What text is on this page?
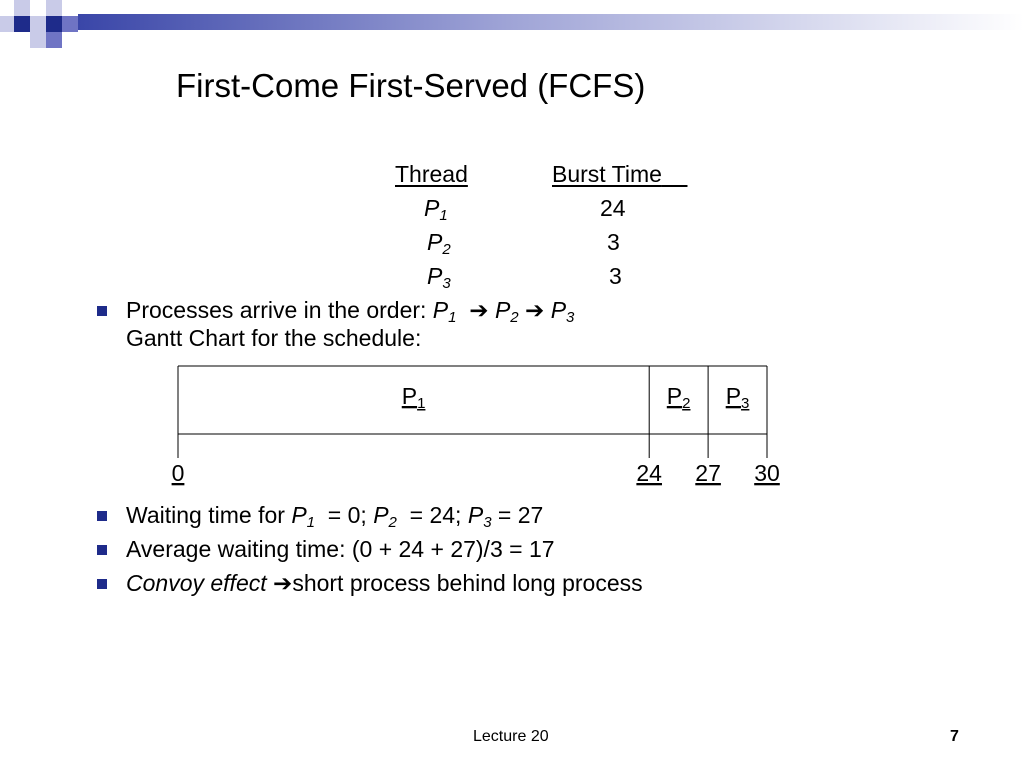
First-Come First-Served (FCFS)
Thread	Burst Time
$P_1$	24
$P_2$	3
$P_3$	3
Processes arrive in the order: $P_1$ ➔ $P_2$ ➔ $P_3$
Gantt Chart for the schedule:
P1	P2 P3
0	24 27 30
Waiting time for $P_1 = 0$; $P_2 = 24$; $P_3 = 27$
Average waiting time: (0 + 24 + 27)/3 = 17
Convoy effect ➔short process behind long process
Lecture 20	7
